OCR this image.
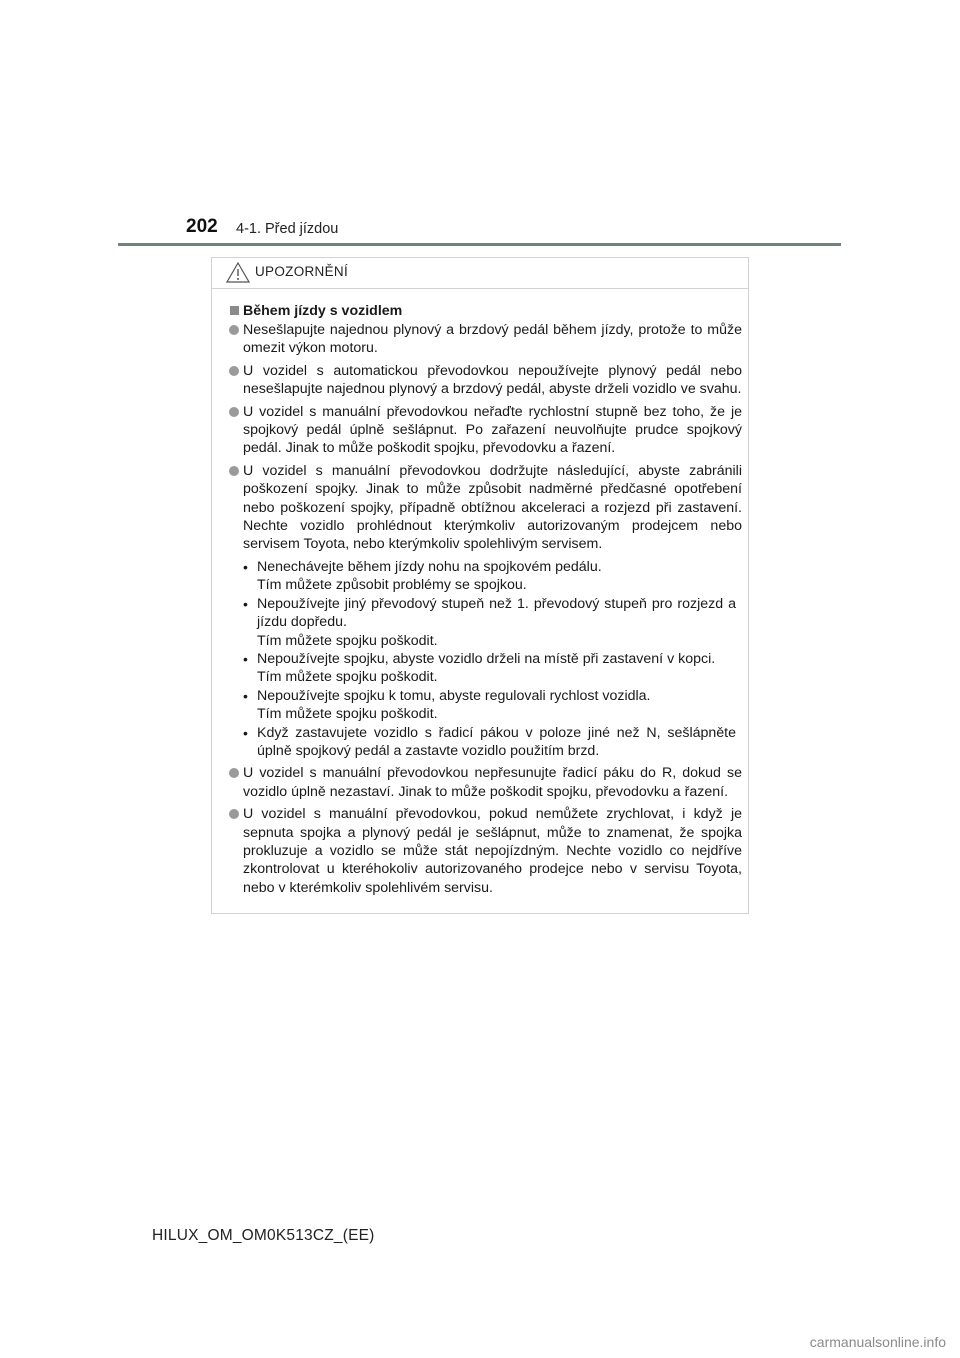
202 4-1. Před jízdou
UPOZORNĚNÍ
Během jízdy s vozidlem
Nesešlapujte najednou plynový a brzdový pedál během jízdy, protože to může omezit výkon motoru.
U vozidel s automatickou převodovkou nepoužívejte plynový pedál nebo nesešlapujte najednou plynový a brzdový pedál, abyste drželi vozidlo ve svahu.
U vozidel s manuální převodovkou neřaďte rychlostní stupně bez toho, že je spojkový pedál úplně sešlápnut. Po zařazení neuvolňujte prudce spojkový pedál. Jinak to může poškodit spojku, převodovku a řazení.
U vozidel s manuální převodovkou dodržujte následující, abyste zabránili poškození spojky. Jinak to může způsobit nadměrné předčasné opotřebení nebo poškození spojky, případně obtížnou akceleraci a rozjezd při zastavení. Nechte vozidlo prohlédnout kterýmkoliv autorizovaným prodejcem nebo servisem Toyota, nebo kterýmkoliv spolehlivým servisem.
• Nenechávejte během jízdy nohu na spojkovém pedálu.
Tím můžete způsobit problémy se spojkou.
• Nepoužívejte jiný převodový stupeň než 1. převodový stupeň pro rozjezd a jízdu dopředu.
Tím můžete spojku poškodit.
• Nepoužívejte spojku, abyste vozidlo drželi na místě při zastavení v kopci.
Tím můžete spojku poškodit.
• Nepoužívejte spojku k tomu, abyste regulovali rychlost vozidla.
Tím můžete spojku poškodit.
• Když zastavujete vozidlo s řadicí pákou v poloze jiné než N, sešlápněte úplně spojkový pedál a zastavte vozidlo použitím brzd.
U vozidel s manuální převodovkou nepřesunujte řadicí páku do R, dokud se vozidlo úplně nezastaví. Jinak to může poškodit spojku, převodovku a řazení.
U vozidel s manuální převodovkou, pokud nemůžete zrychlovat, i když je sepnuta spojka a plynový pedál je sešlápnut, může to znamenat, že spojka prokluzuje a vozidlo se může stát nepojízdným. Nechte vozidlo co nejdříve zkontrolovat u kteréhokoliv autorizovaného prodejce nebo v servisu Toyota, nebo v kterémkoliv spolehlivém servisu.
HILUX_OM_OM0K513CZ_(EE)
carmanualsonline.info
